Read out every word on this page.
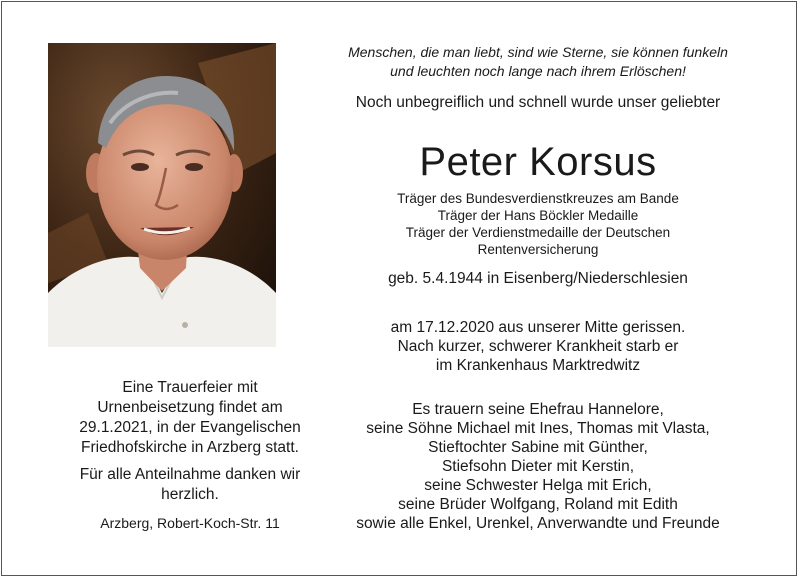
Menschen, die man liebt, sind wie Sterne, sie können funkeln
und leuchten noch lange nach ihrem Erlöschen!
Noch unbegreiflich und schnell wurde unser geliebter
Peter Korsus
Träger des Bundesverdienstkreuzes am Bande
Träger der Hans Böckler Medaille
Träger der Verdienstmedaille der Deutschen
Rentenversicherung
geb. 5.4.1944 in Eisenberg/Niederschlesien
am 17.12.2020 aus unserer Mitte gerissen.
Nach kurzer, schwerer Krankheit starb er
im Krankenhaus Marktredwitz
Es trauern seine Ehefrau Hannelore,
seine Söhne Michael mit Ines, Thomas mit Vlasta,
Stieftochter Sabine mit Günther,
Stiefsohn Dieter mit Kerstin,
seine Schwester Helga mit Erich,
seine Brüder Wolfgang, Roland mit Edith
sowie alle Enkel, Urenkel, Anverwandte und Freunde
Eine Trauerfeier mit
Urnenbeisetzung findet am
29.1.2021, in der Evangelischen
Friedhofskirche in Arzberg statt.
Für alle Anteilnahme danken wir
herzlich.
Arzberg, Robert-Koch-Str. 11
